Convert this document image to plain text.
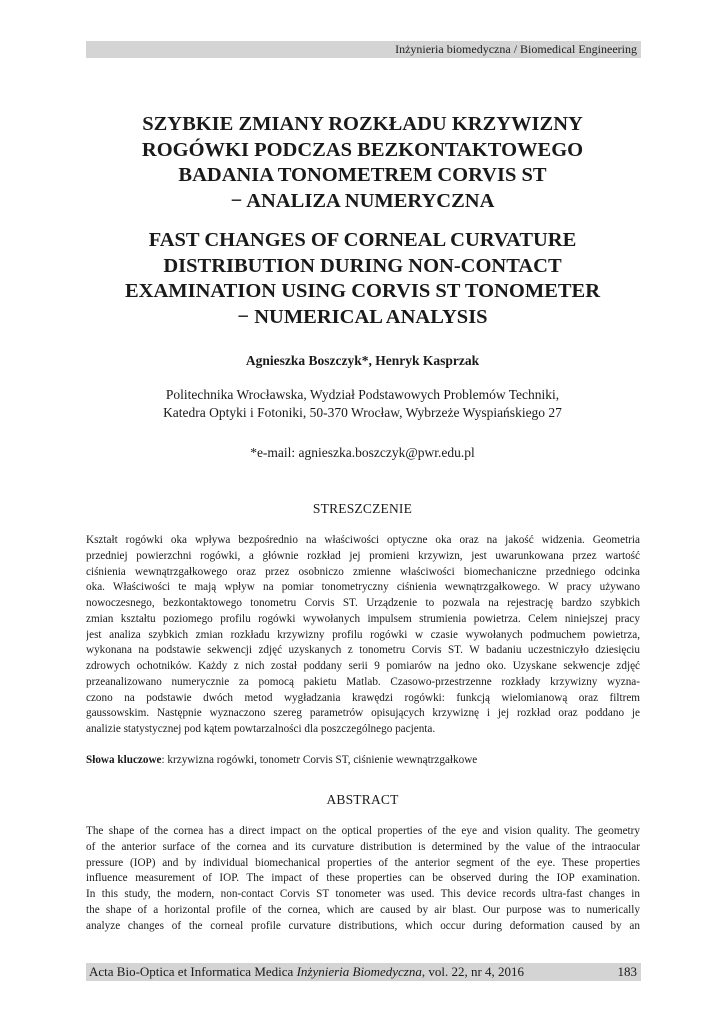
Inżynieria biomedyczna / Biomedical Engineering
SZYBKIE ZMIANY ROZKŁADU KRZYWIZNY
ROGÓWKI PODCZAS BEZKONTAKTOWEGO
BADANIA TONOMETREM CORVIS ST
− ANALIZA NUMERYCZNA
FAST CHANGES OF CORNEAL CURVATURE
DISTRIBUTION DURING NON-CONTACT
EXAMINATION USING CORVIS ST TONOMETER
− NUMERICAL ANALYSIS
Agnieszka Boszczyk*, Henryk Kasprzak
Politechnika Wrocławska, Wydział Podstawowych Problemów Techniki,
Katedra Optyki i Fotoniki, 50-370 Wrocław, Wybrzeże Wyspiańskiego 27
*e-mail: agnieszka.boszczyk@pwr.edu.pl
STRESZCZENIE
Kształt rogówki oka wpływa bezpośrednio na właściwości optyczne oka oraz na jakość widzenia. Geometria
przedniej powierzchni rogówki, a głównie rozkład jej promieni krzywizn, jest uwarunkowana przez wartość
ciśnienia wewnątrzgałkowego oraz przez osobniczo zmienne właściwości biomechaniczne przedniego odcinka
oka. Właściwości te mają wpływ na pomiar tonometryczny ciśnienia wewnątrzgałkowego. W pracy używano
nowoczesnego, bezkontaktowego tonometru Corvis ST. Urządzenie to pozwala na rejestrację bardzo szybkich
zmian kształtu poziomego profilu rogówki wywołanych impulsem strumienia powietrza. Celem niniejszej pracy
jest analiza szybkich zmian rozkładu krzywizny profilu rogówki w czasie wywołanych podmuchem powietrza,
wykonana na podstawie sekwencji zdjęć uzyskanych z tonometru Corvis ST. W badaniu uczestniczyło dziesięciu
zdrowych ochotników. Każdy z nich został poddany serii 9 pomiarów na jedno oko. Uzyskane sekwencje zdjęć
przeanalizowano numerycznie za pomocą pakietu Matlab. Czasowo-przestrzenne rozkłady krzywizny wyzna-
czono na podstawie dwóch metod wygładzania krawędzi rogówki: funkcją wielomianową oraz filtrem
gaussowskim. Następnie wyznaczono szereg parametrów opisujących krzywiznę i jej rozkład oraz poddano je
analizie statystycznej pod kątem powtarzalności dla poszczególnego pacjenta.
Słowa kluczowe: krzywizna rogówki, tonometr Corvis ST, ciśnienie wewnątrzgałkowe
ABSTRACT
The shape of the cornea has a direct impact on the optical properties of the eye and vision quality. The geometry
of the anterior surface of the cornea and its curvature distribution is determined by the value of the intraocular
pressure (IOP) and by individual biomechanical properties of the anterior segment of the eye. These properties
influence measurement of IOP. The impact of these properties can be observed during the IOP examination.
In this study, the modern, non-contact Corvis ST tonometer was used. This device records ultra-fast changes in
the shape of a horizontal profile of the cornea, which are caused by air blast. Our purpose was to numerically
analyze changes of the corneal profile curvature distributions, which occur during deformation caused by an
Acta Bio-Optica et Informatica Medica Inżynieria Biomedyczna, vol. 22, nr 4, 2016	183
